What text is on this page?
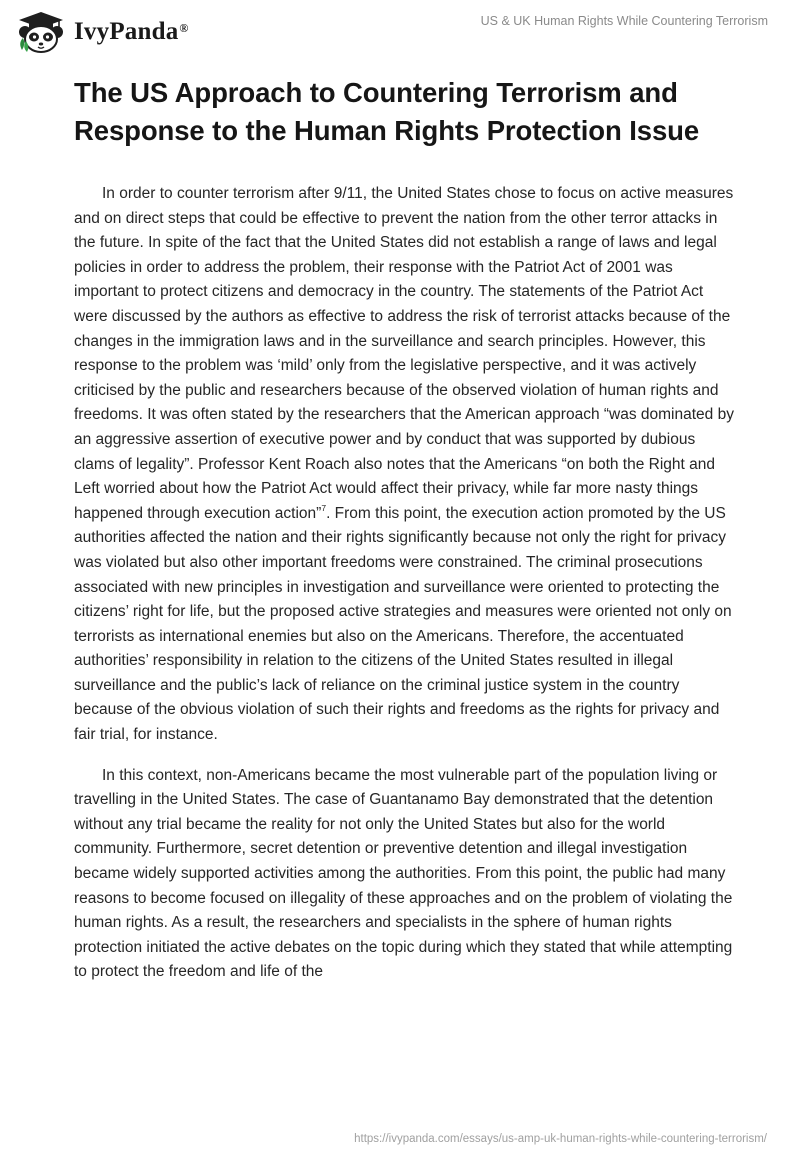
IvyPanda®	US & UK Human Rights While Countering Terrorism
The US Approach to Countering Terrorism and Response to the Human Rights Protection Issue

In order to counter terrorism after 9/11, the United States chose to focus on active measures and on direct steps that could be effective to prevent the nation from the other terror attacks in the future. In spite of the fact that the United States did not establish a range of laws and legal policies in order to address the problem, their response with the Patriot Act of 2001 was important to protect citizens and democracy in the country. The statements of the Patriot Act were discussed by the authors as effective to address the risk of terrorist attacks because of the changes in the immigration laws and in the surveillance and search principles. However, this response to the problem was ‘mild’ only from the legislative perspective, and it was actively criticised by the public and researchers because of the observed violation of human rights and freedoms. It was often stated by the researchers that the American approach “was dominated by an aggressive assertion of executive power and by conduct that was supported by dubious clams of legality”. Professor Kent Roach also notes that the Americans “on both the Right and Left worried about how the Patriot Act would affect their privacy, while far more nasty things happened through execution action”$^7$. From this point, the execution action promoted by the US authorities affected the nation and their rights significantly because not only the right for privacy was violated but also other important freedoms were constrained. The criminal prosecutions associated with new principles in investigation and surveillance were oriented to protecting the citizens’ right for life, but the proposed active strategies and measures were oriented not only on terrorists as international enemies but also on the Americans. Therefore, the accentuated authorities’ responsibility in relation to the citizens of the United States resulted in illegal surveillance and the public’s lack of reliance on the criminal justice system in the country because of the obvious violation of such their rights and freedoms as the rights for privacy and fair trial, for instance.

In this context, non-Americans became the most vulnerable part of the population living or travelling in the United States. The case of Guantanamo Bay demonstrated that the detention without any trial became the reality for not only the United States but also for the world community. Furthermore, secret detention or preventive detention and illegal investigation became widely supported activities among the authorities. From this point, the public had many reasons to become focused on illegality of these approaches and on the problem of violating the human rights. As a result, the researchers and specialists in the sphere of human rights protection initiated the active debates on the topic during which they stated that while attempting to protect the freedom and life of the

https://ivypanda.com/essays/us-amp-uk-human-rights-while-countering-terrorism/
